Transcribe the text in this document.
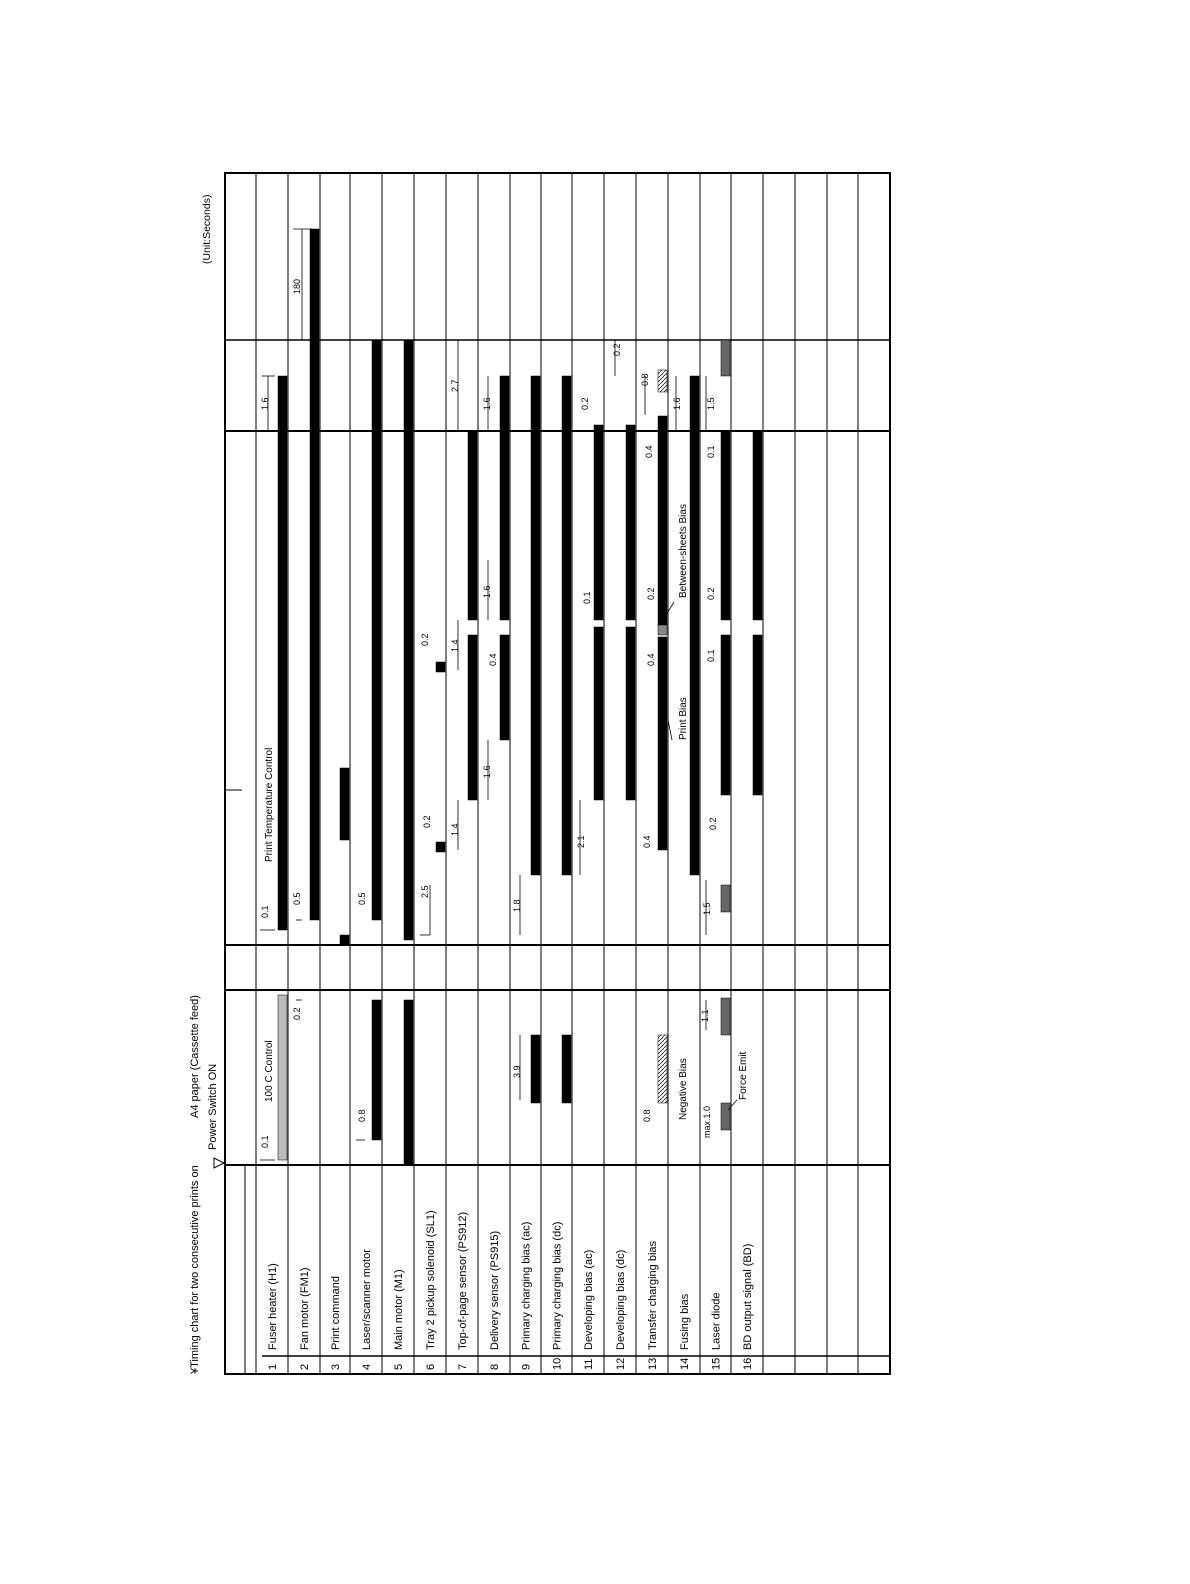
¥Timing chart for two consecutive prints on
A4 paper (Cassette feed) Power Switch ON
(Unit:Seconds)
1
Fuser heater (H1)
2
Fan motor (FM1)
3
Print command
4
Laser/scanner motor
5
Main motor (M1)
6
Tray 2 pickup solenoid (SL1)
7
Top-of-page sensor (PS912)
8
Delivery sensor (PS915)
9
Primary charging bias (ac)
10
Primary charging bias (dc)
11
Developing bias (ac)
12
Developing bias (dc)
13
Transfer charging bias
14
Fusing bias
15
Laser diode
16
BD output signal (BD)
100 C Control
Print Temperature Control
Negative Bias	Force Emit
Print Bias
Between-sheets Bias
0.1
0.2
0.8
3.9
0.8
1.1
max.1.0
0.1
0.5	0.5
2.5
0.2
1.4
1.8
2.1	0.4
1.5
0.2
1.6
0.2 1.4
0.4
1.6	0.1
0.4
0.2
0.1
0.2
1.6
2.7
1.6	0.2
0.2
0.4
0.8
1.6
0.1
1.5
180
